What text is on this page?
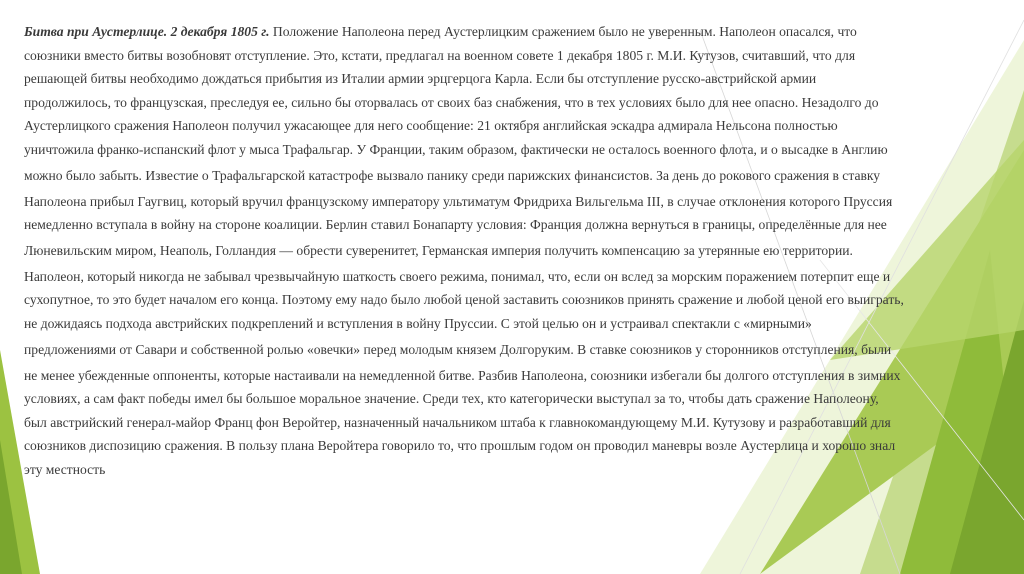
Битва при Аустерлице. 2 декабря 1805 г. Положение Наполеона перед Аустерлицким сражением было не уверенным. Наполеон опасался, что
союзники вместо битвы возобновят отступление. Это, кстати, предлагал на военном совете 1 декабря 1805 г. М.И. Кутузов, считавший, что для
решающей битвы необходимо дождаться прибытия из Италии армии эрцгерцога Карла. Если бы отступление русско-австрийской армии
продолжилось, то французская, преследуя ее, сильно бы оторвалась от своих баз снабжения, что в тех условиях было для нее опасно. Незадолго до
Аустерлицкого сражения Наполеон получил ужасающее для него сообщение: 21 октября английская эскадра адмирала Нельсона полностью
уничтожила франко-испанский флот у мыса Трафальгар. У Франции, таким образом, фактически не осталось военного флота, и о высадке в Англию
можно было забыть. Известие о Трафальгарской катастрофе вызвало панику среди парижских финансистов. За день до рокового сражения в ставку
Наполеона прибыл Гаугвиц, который вручил французскому императору ультиматум Фридриха Вильгельма III, в случае отклонения которого Пруссия
немедленно вступала в войну на стороне коалиции. Берлин ставил Бонапарту условия: Франция должна вернуться в границы, определённые для нее
Люневильским миром, Неаполь, Голландия — обрести суверенитет, Германская империя получить компенсацию за утерянные ею территории.
Наполеон, который никогда не забывал чрезвычайную шаткость своего режима, понимал, что, если он вслед за морским поражением потерпит еще и
сухопутное, то это будет началом его конца. Поэтому ему надо было любой ценой заставить союзников принять сражение и любой ценой его выиграть,
не дожидаясь подхода австрийских подкреплений и вступления в войну Пруссии. С этой целью он и устраивал спектакли с «мирными»
предложениями от Савари и собственной ролью «овечки» перед молодым князем Долгоруким. В ставке союзников у сторонников отступления, были
не менее убежденные оппоненты, которые настаивали на немедленной битве. Разбив Наполеона, союзники избегали бы долгого отступления в зимних
условиях, а сам факт победы имел бы большое моральное значение. Среди тех, кто категорически выступал за то, чтобы дать сражение Наполеону,
был австрийский генерал-майор Франц фон Веройтер, назначенный начальником штаба к главнокомандующему М.И. Кутузову и разработавший для
союзников диспозицию сражения. В пользу плана Веройтера говорило то, что прошлым годом он проводил маневры возле Аустерлица и хорошо знал
эту местность
